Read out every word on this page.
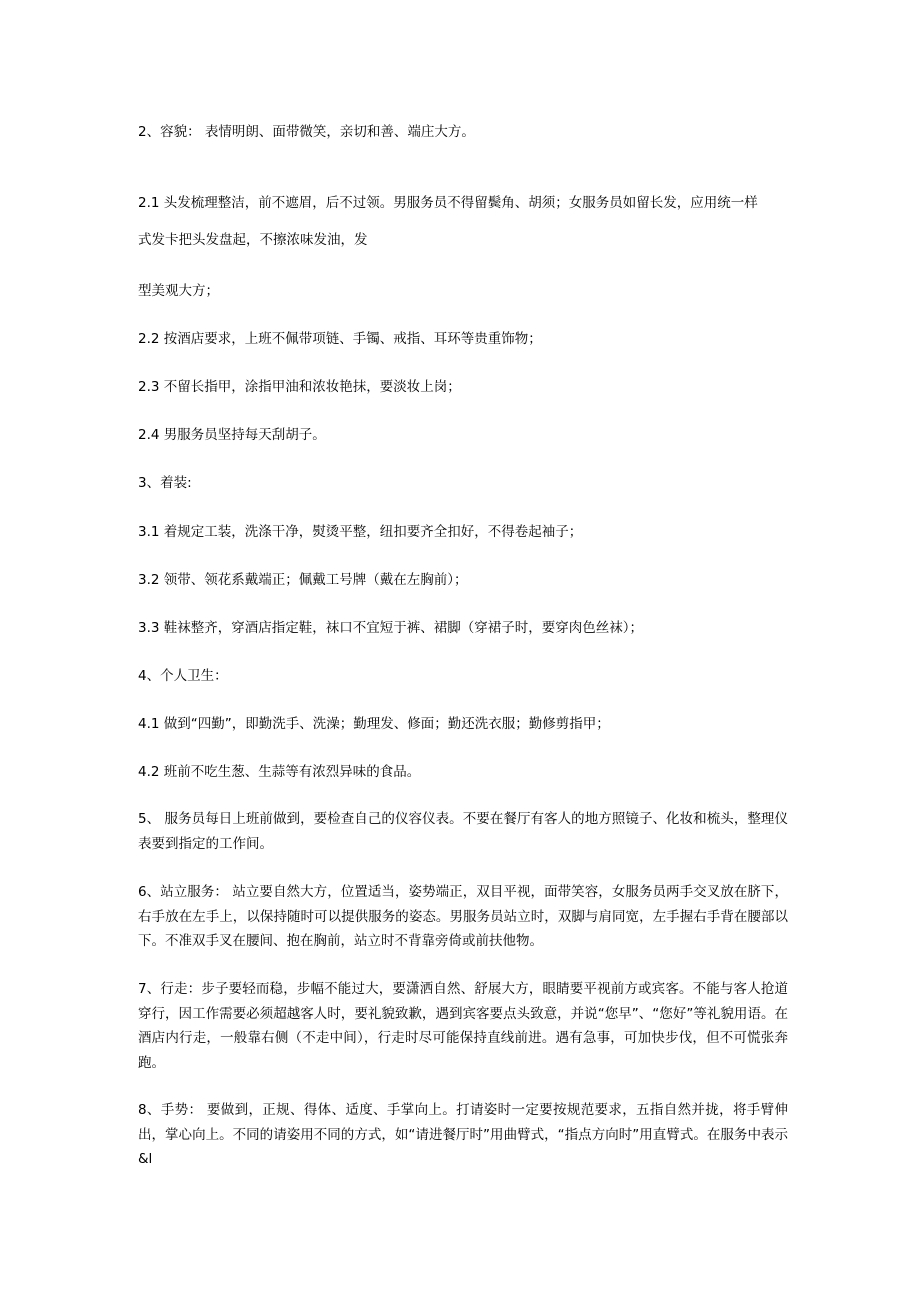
2、容貌： 表情明朗、面带微笑，亲切和善、端庄大方。

2.1 头发梳理整洁，前不遮眉，后不过领。男服务员不得留鬓角、胡须；女服务员如留长发，应用统一样

式发卡把头发盘起，不擦浓味发油，发

型美观大方；

2.2 按酒店要求，上班不佩带项链、手镯、戒指、耳环等贵重饰物；

2.3 不留长指甲，涂指甲油和浓妆艳抹，要淡妆上岗；

2.4 男服务员坚持每天刮胡子。

3、着装:

3.1 着规定工装，洗涤干净，熨烫平整，纽扣要齐全扣好，不得卷起袖子；

3.2 领带、领花系戴端正；佩戴工号牌（戴在左胸前）；

3.3 鞋袜整齐，穿酒店指定鞋，袜口不宜短于裤、裙脚（穿裙子时，要穿肉色丝袜）；

4、个人卫生：

4.1 做到“四勤”，即勤洗手、洗澡；勤理发、修面；勤还洗衣服；勤修剪指甲；

4.2 班前不吃生葱、生蒜等有浓烈异味的食品。

5、 服务员每日上班前做到，要检查自己的仪容仪表。不要在餐厅有客人的地方照镜子、化妆和梳头，整理仪表要到指定的工作间。

6、站立服务： 站立要自然大方，位置适当，姿势端正，双目平视，面带笑容，女服务员两手交叉放在脐下，右手放在左手上，以保持随时可以提供服务的姿态。男服务员站立时，双脚与肩同宽，左手握右手背在腰部以下。不准双手叉在腰间、抱在胸前，站立时不背靠旁倚或前扶他物。

7、行走：步子要轻而稳，步幅不能过大，要潇洒自然、舒展大方，眼睛要平视前方或宾客。不能与客人抢道穿行，因工作需要必须超越客人时，要礼貌致歉，遇到宾客要点头致意，并说“您早”、“您好”等礼貌用语。在酒店内行走，一般靠右侧（不走中间），行走时尽可能保持直线前进。遇有急事，可加快步伐，但不可慌张奔跑。

8、手势： 要做到，正规、得体、适度、手掌向上。打请姿时一定要按规范要求，五指自然并拢，将手臂伸出，掌心向上。不同的请姿用不同的方式，如“请进餐厅时”用曲臂式，“指点方向时”用直臂式。在服务中表示&l
